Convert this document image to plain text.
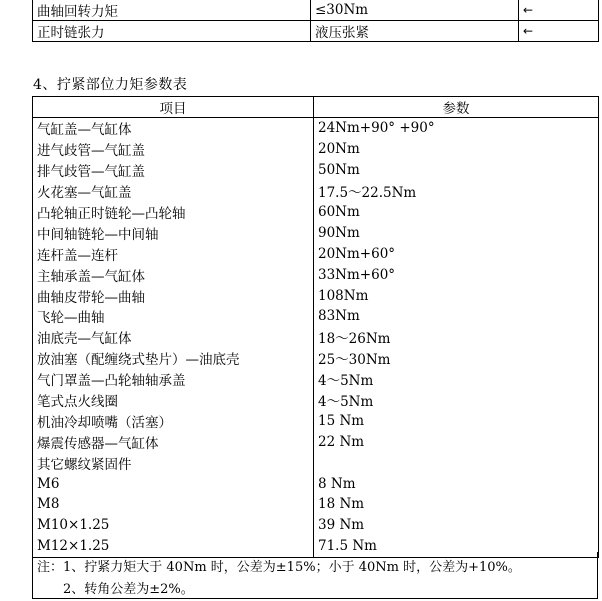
曲轴回转力矩	≤30Nm	←
正时链张力	液压张紧	←
4、拧紧部位力矩参数表
项目	参数
气缸盖—气缸体	24Nm+90° +90°
进气歧管—气缸盖	20Nm
排气歧管—气缸盖	50Nm
火花塞—气缸盖	17.5～22.5Nm
凸轮轴正时链轮—凸轮轴	60Nm
中间轴链轮—中间轴	90Nm
连杆盖—连杆	20Nm+60°
主轴承盖—气缸体	33Nm+60°
曲轴皮带轮—曲轴	108Nm
飞轮—曲轴	83Nm
油底壳—气缸体	18～26Nm
放油塞（配缠绕式垫片）—油底壳	25～30Nm
气门罩盖—凸轮轴轴承盖	4～5Nm
笔式点火线圈	4～5Nm
机油冷却喷嘴（活塞）	15 Nm
爆震传感器—气缸体	22 Nm
其它螺纹紧固件	
M6	8 Nm
M8	18 Nm
M10×1.25	39 Nm
M12×1.25	71.5 Nm
注：1、拧紧力矩大于 40Nm 时，公差为±15%；小于 40Nm 时，公差为+10%。
2、转角公差为±2%。
